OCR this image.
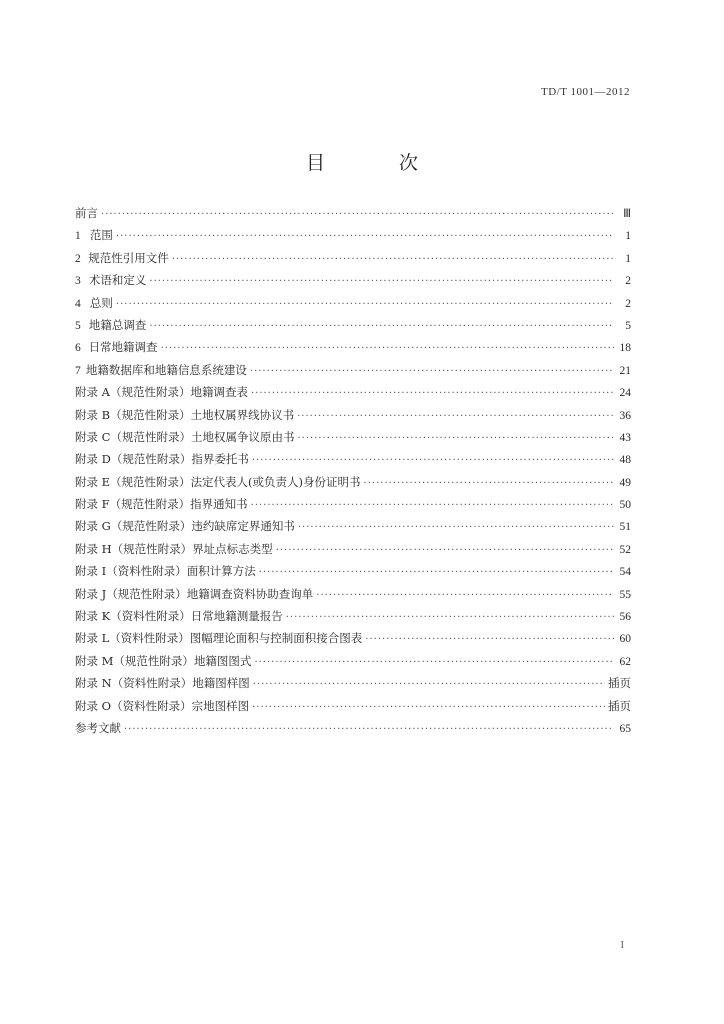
TD/T 1001—2012
目 次
前言 ·····	Ⅲ
1 范围 ·····	1
2 规范性引用文件 ·····	1
3 术语和定义 ·····	2
4 总则 ·····	2
5 地籍总调查 ·····	5
6 日常地籍调查 ·····	18
7 地籍数据库和地籍信息系统建设 ·····	21
附录 A（规范性附录） 地籍调查表 ·····	24
附录 B（规范性附录） 土地权属界线协议书 ·····	36
附录 C（规范性附录） 土地权属争议原由书 ·····	43
附录 D（规范性附录） 指界委托书 ·····	48
附录 E（规范性附录） 法定代表人(或负责人)身份证明书 ·····	49
附录 F（规范性附录） 指界通知书 ·····	50
附录 G（规范性附录） 违约缺席定界通知书 ·····	51
附录 H（规范性附录） 界址点标志类型 ·····	52
附录 I（资料性附录） 面积计算方法 ·····	54
附录 J（规范性附录） 地籍调查资料协助查询单 ·····	55
附录 K（资料性附录） 日常地籍测量报告 ·····	56
附录 L（资料性附录） 图幅理论面积与控制面积接合图表 ·····	60
附录 M（规范性附录） 地籍图图式 ·····	62
附录 N（资料性附录） 地籍图样图 ·····	插页
附录 O（资料性附录） 宗地图样图 ·····	插页
参考文献 ·····	65
I
